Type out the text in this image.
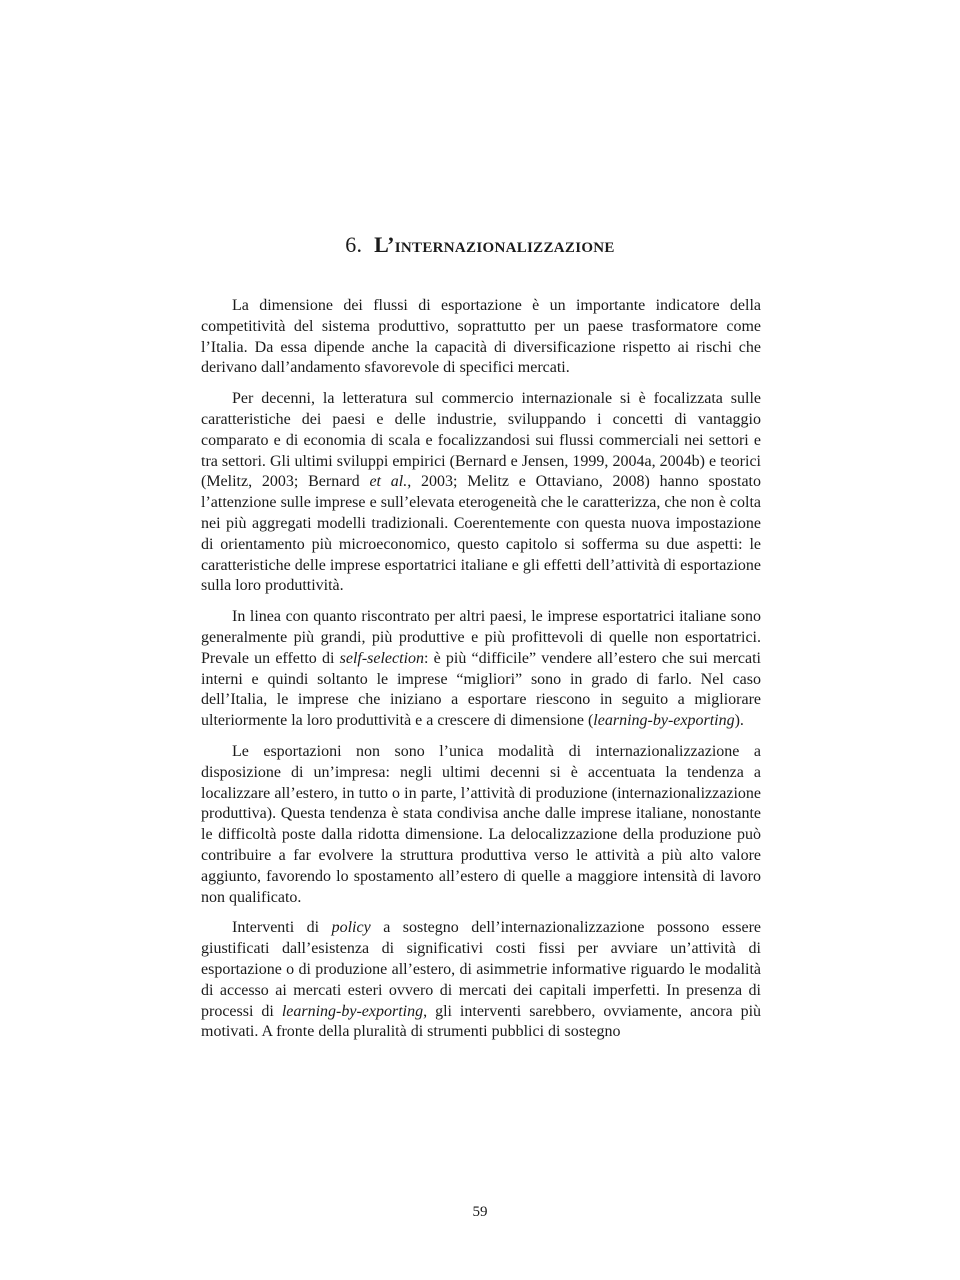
6. L’internazionalizzazione

La dimensione dei flussi di esportazione è un importante indicatore della competitività del sistema produttivo, soprattutto per un paese trasformatore come l’Italia. Da essa dipende anche la capacità di diversificazione rispetto ai rischi che derivano dall’andamento sfavorevole di specifici mercati.

Per decenni, la letteratura sul commercio internazionale si è focalizzata sulle caratteristiche dei paesi e delle industrie, sviluppando i concetti di vantaggio comparato e di economia di scala e focalizzandosi sui flussi commerciali nei settori e tra settori. Gli ultimi sviluppi empirici (Bernard e Jensen, 1999, 2004a, 2004b) e teorici (Melitz, 2003; Bernard et al., 2003; Melitz e Ottaviano, 2008) hanno spostato l’attenzione sulle imprese e sull’elevata eterogeneità che le caratterizza, che non è colta nei più aggregati modelli tradizionali. Coerentemente con questa nuova impostazione di orientamento più microeconomico, questo capitolo si sofferma su due aspetti: le caratteristiche delle imprese esportatrici italiane e gli effetti dell’attività di esportazione sulla loro produttività.

In linea con quanto riscontrato per altri paesi, le imprese esportatrici italiane sono generalmente più grandi, più produttive e più profittevoli di quelle non esportatrici. Prevale un effetto di self-selection: è più “difficile” vendere all’estero che sui mercati interni e quindi soltanto le imprese “migliori” sono in grado di farlo. Nel caso dell’Italia, le imprese che iniziano a esportare riescono in seguito a migliorare ulteriormente la loro produttività e a crescere di dimensione (learning-by-exporting).

Le esportazioni non sono l’unica modalità di internazionalizzazione a disposizione di un’impresa: negli ultimi decenni si è accentuata la tendenza a localizzare all’estero, in tutto o in parte, l’attività di produzione (internazionalizzazione produttiva). Questa tendenza è stata condivisa anche dalle imprese italiane, nonostante le difficoltà poste dalla ridotta dimensione. La delocalizzazione della produzione può contribuire a far evolvere la struttura produttiva verso le attività a più alto valore aggiunto, favorendo lo spostamento all’estero di quelle a maggiore intensità di lavoro non qualificato.

Interventi di policy a sostegno dell’internazionalizzazione possono essere giustificati dall’esistenza di significativi costi fissi per avviare un’attività di esportazione o di produzione all’estero, di asimmetrie informative riguardo le modalità di accesso ai mercati esteri ovvero di mercati dei capitali imperfetti. In presenza di processi di learning-by-exporting, gli interventi sarebbero, ovviamente, ancora più motivati. A fronte della pluralità di strumenti pubblici di sostegno

59
